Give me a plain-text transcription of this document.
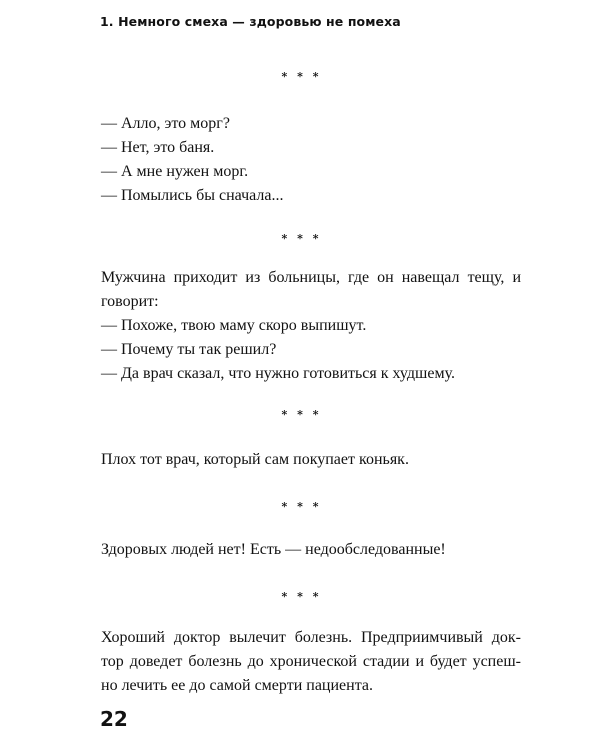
1. Немного смеха — здоровью не помеха
* * *
— Алло, это морг?
— Нет, это баня.
— А мне нужен морг.
— Помылись бы сначала...
* * *
Мужчина приходит из больницы, где он навещал тещу, и
говорит:
— Похоже, твою маму скоро выпишут.
— Почему ты так решил?
— Да врач сказал, что нужно готовиться к худшему.
* * *
Плох тот врач, который сам покупает коньяк.
* * *
Здоровых людей нет! Есть — недообследованные!
* * *
Хороший доктор вылечит болезнь. Предприимчивый док-
тор доведет болезнь до хронической стадии и будет успеш-
но лечить ее до самой смерти пациента.
22
